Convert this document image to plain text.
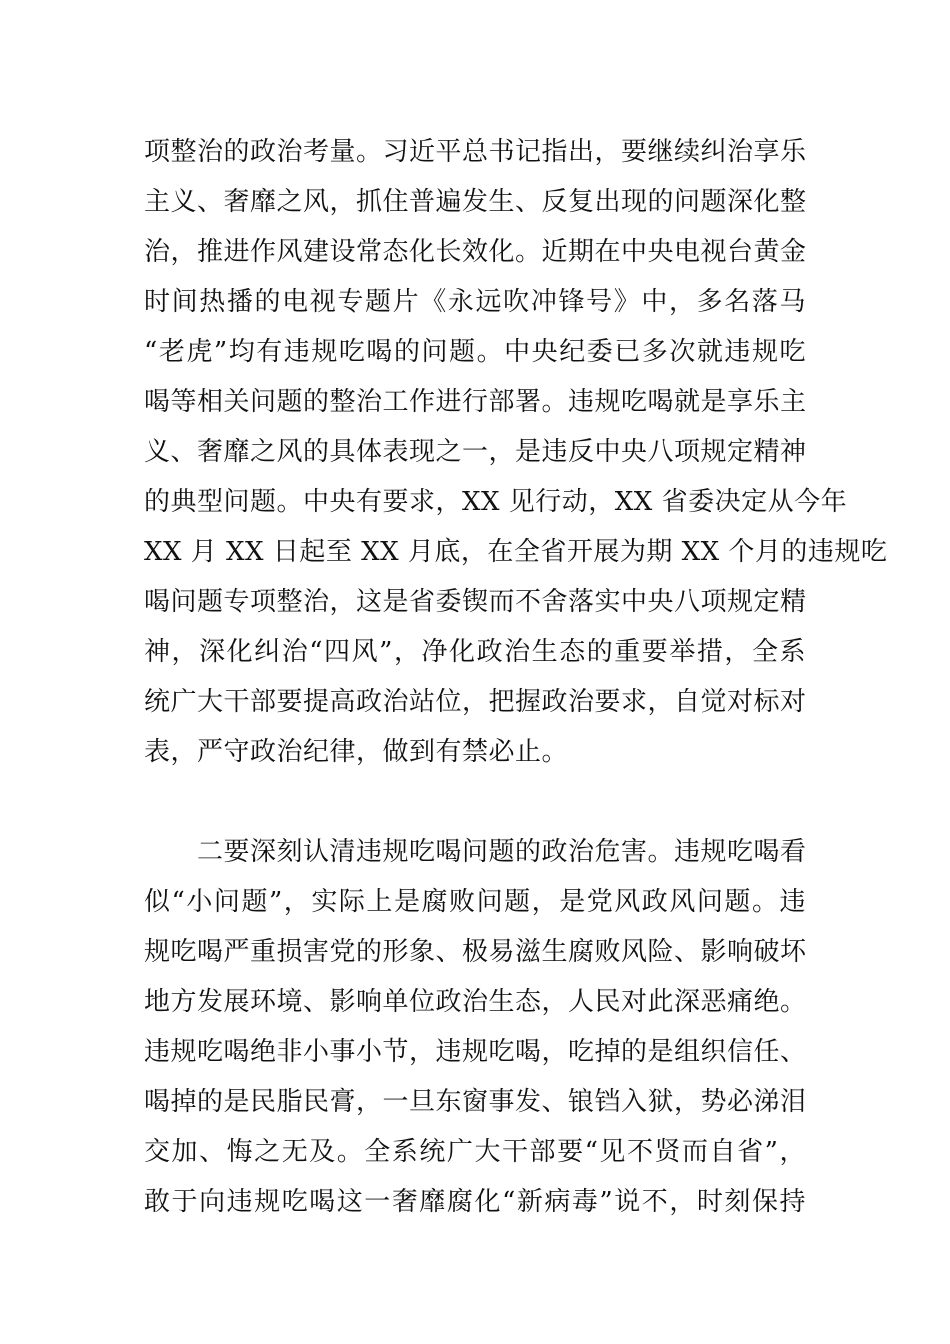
项整治的政治考量。习近平总书记指出，要继续纠治享乐
主义、奢靡之风，抓住普遍发生、反复出现的问题深化整
治，推进作风建设常态化长效化。近期在中央电视台黄金
时间热播的电视专题片《永远吹冲锋号》中，多名落马
“老虎”均有违规吃喝的问题。中央纪委已多次就违规吃
喝等相关问题的整治工作进行部署。违规吃喝就是享乐主
义、奢靡之风的具体表现之一，是违反中央八项规定精神
的典型问题。中央有要求，XX 见行动，XX 省委决定从今年
XX 月 XX 日起至 XX 月底，在全省开展为期 XX 个月的违规吃
喝问题专项整治，这是省委锲而不舍落实中央八项规定精
神，深化纠治“四风”，净化政治生态的重要举措，全系
统广大干部要提高政治站位，把握政治要求，自觉对标对
表，严守政治纪律，做到有禁必止。
二要深刻认清违规吃喝问题的政治危害。违规吃喝看
似“小问题”，实际上是腐败问题，是党风政风问题。违
规吃喝严重损害党的形象、极易滋生腐败风险、影响破坏
地方发展环境、影响单位政治生态，人民对此深恶痛绝。
违规吃喝绝非小事小节，违规吃喝，吃掉的是组织信任、
喝掉的是民脂民膏，一旦东窗事发、锒铛入狱，势必涕泪
交加、悔之无及。全系统广大干部要“见不贤而自省”，
敢于向违规吃喝这一奢靡腐化“新病毒”说不，时刻保持
